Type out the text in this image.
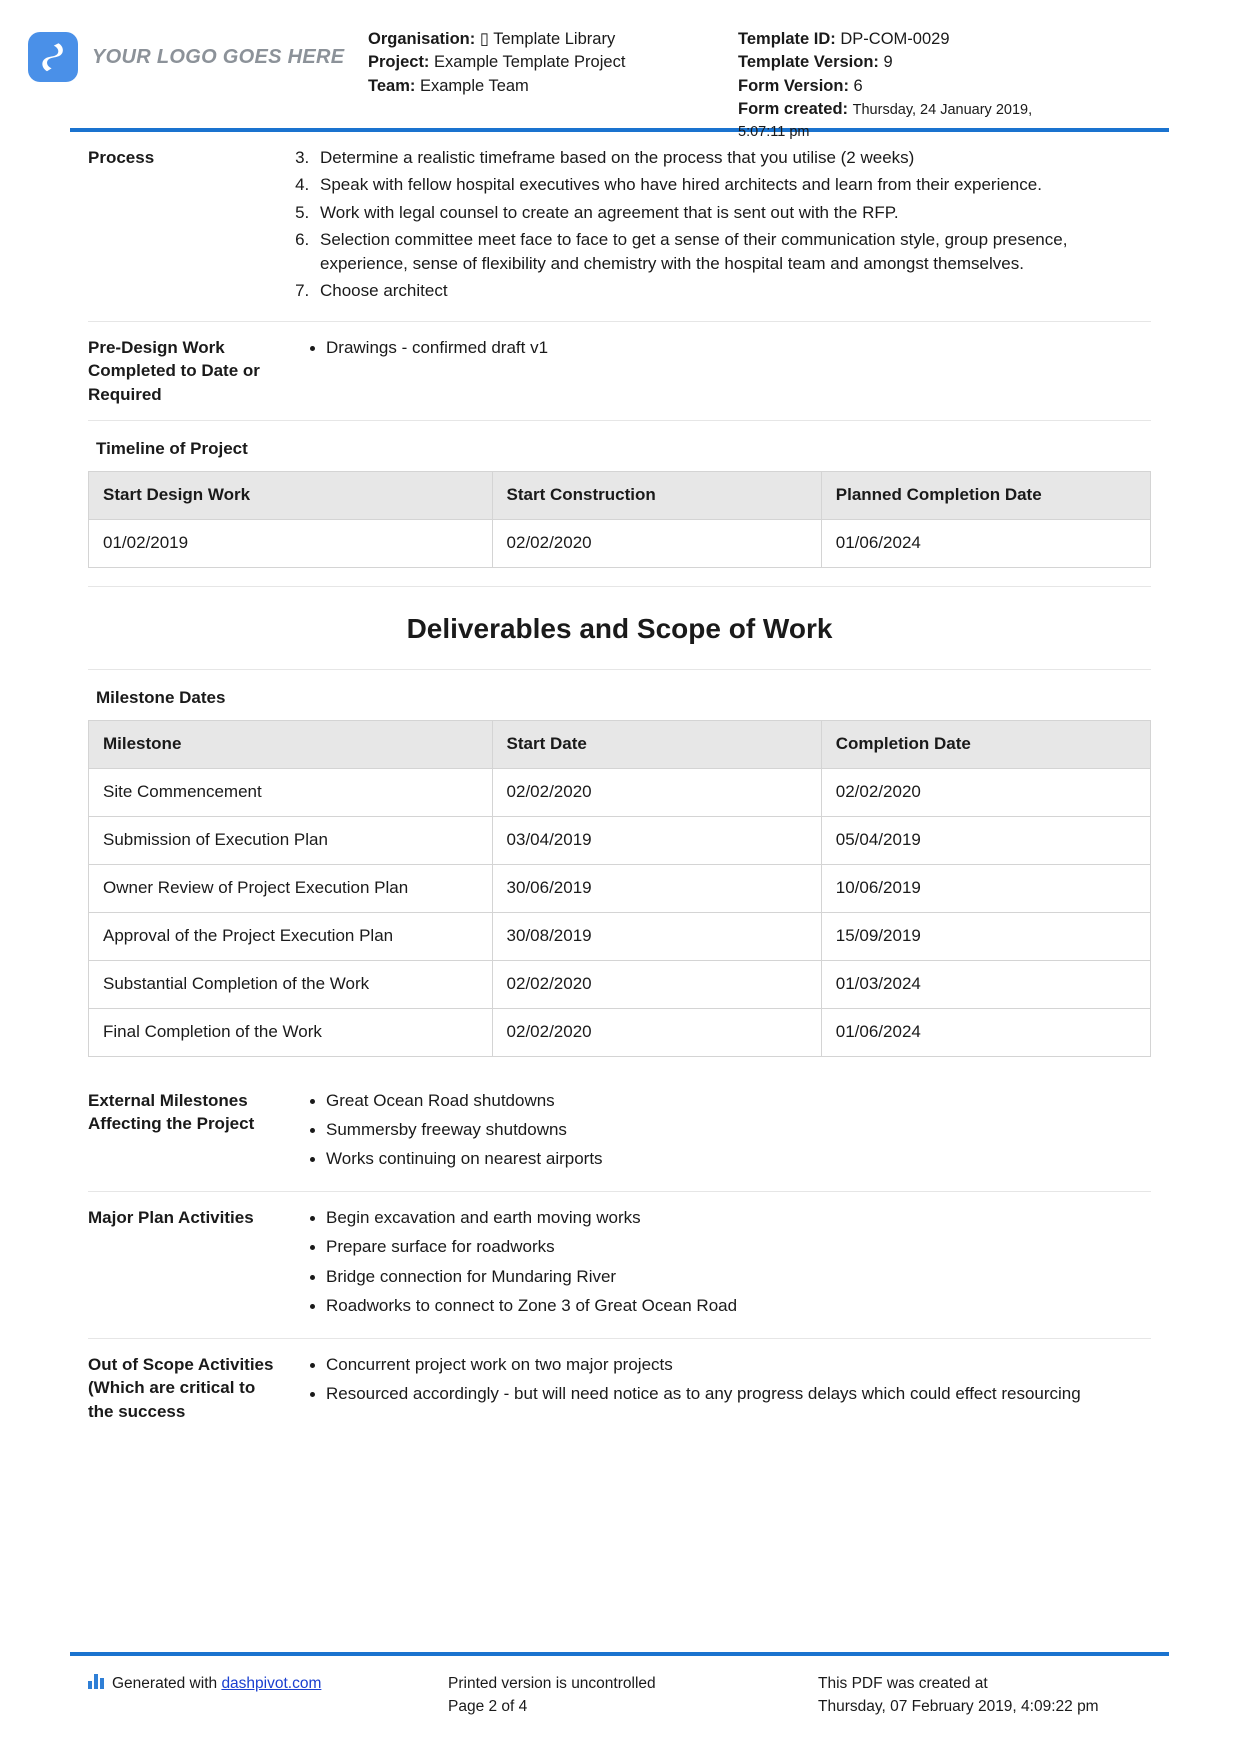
YOUR LOGO GOES HERE
Organisation: ▯ Template Library
Project: Example Template Project
Team: Example Team
Template ID: DP-COM-0029
Template Version: 9
Form Version: 6
Form created: Thursday, 24 January 2019,
5:07:11 pm
Process	3. Determine a realistic timeframe based on the process that you utilise (2 weeks)
4. Speak with fellow hospital executives who have hired architects and learn from their experience.
5. Work with legal counsel to create an agreement that is sent out with the RFP.
6. Selection committee meet face to face to get a sense of their communication style, group presence, experience, sense of flexibility and chemistry with the hospital team and amongst themselves.
7. Choose architect
Pre-Design Work Completed to Date or Required
Drawings - confirmed draft v1
Timeline of Project
Start Design Work	Start Construction	Planned Completion Date
01/02/2019	02/02/2020	01/06/2024
Deliverables and Scope of Work
Milestone Dates
Milestone	Start Date	Completion Date
Site Commencement	02/02/2020	02/02/2020
Submission of Execution Plan	03/04/2019	05/04/2019
Owner Review of Project Execution Plan	30/06/2019	10/06/2019
Approval of the Project Execution Plan	30/08/2019	15/09/2019
Substantial Completion of the Work	02/02/2020	01/03/2024
Final Completion of the Work	02/02/2020	01/06/2024
External Milestones Affecting the Project
Great Ocean Road shutdowns
Summersby freeway shutdowns
Works continuing on nearest airports
Major Plan Activities	Begin excavation and earth moving works
Prepare surface for roadworks
Bridge connection for Mundaring River
Roadworks to connect to Zone 3 of Great Ocean Road
Out of Scope Activities (Which are critical to the success
Concurrent project work on two major projects
Resourced accordingly - but will need notice as to any progress delays which could effect resourcing
Generated with dashpivot.com	Printed version is uncontrolled
Page 2 of 4
This PDF was created at
Thursday, 07 February 2019, 4:09:22 pm
